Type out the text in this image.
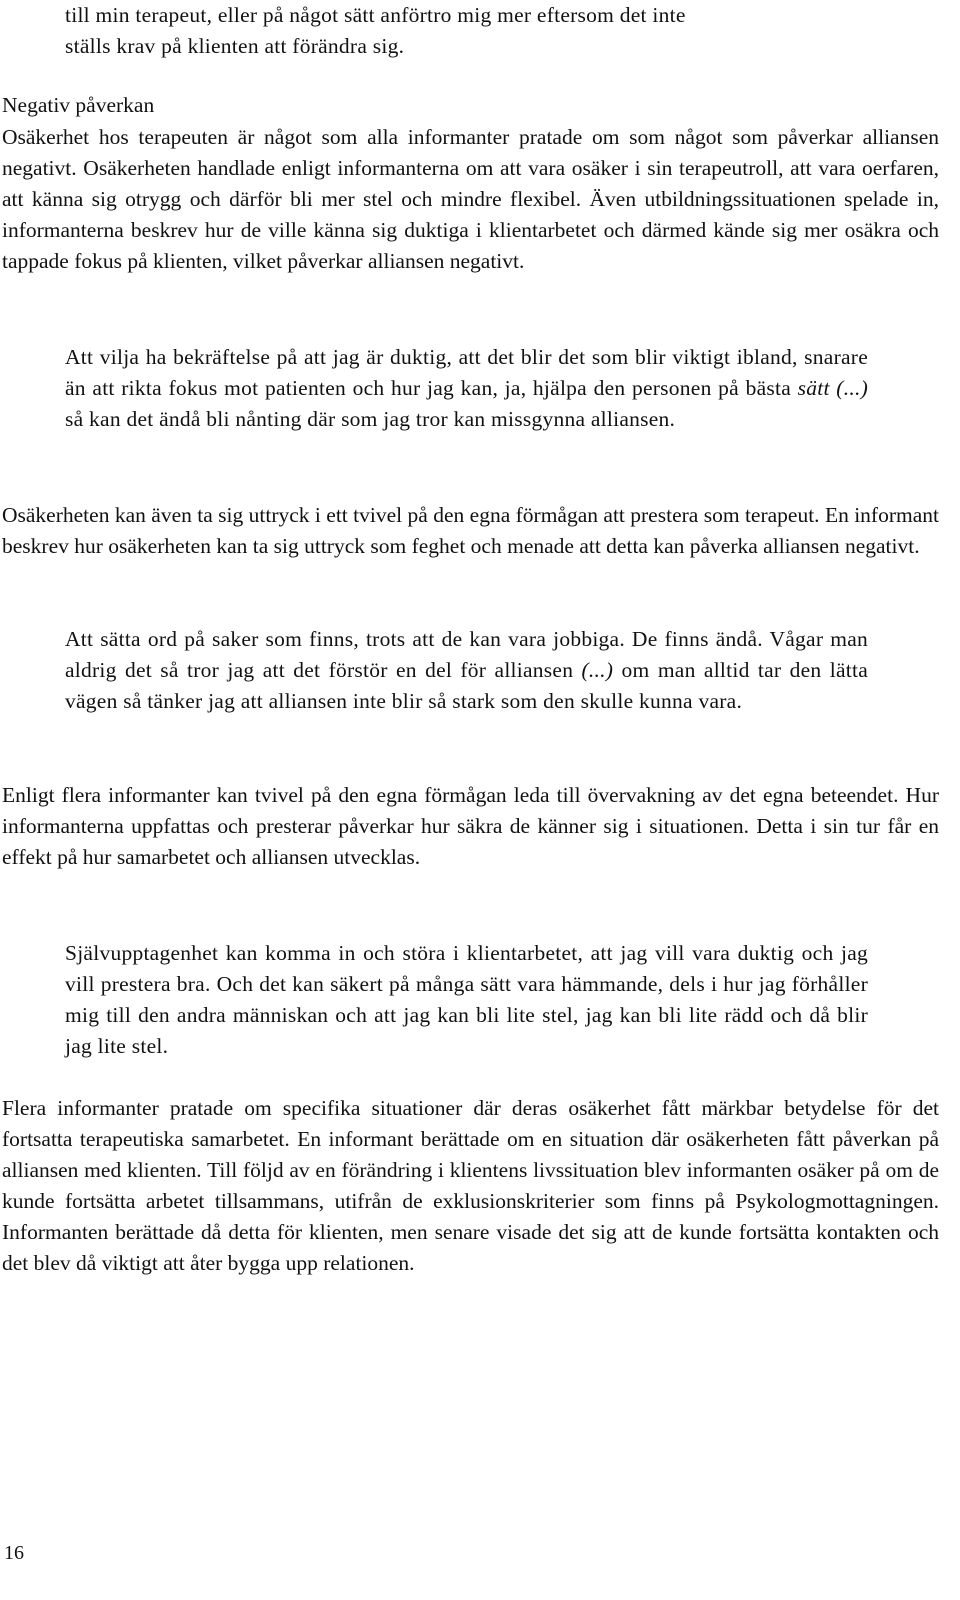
till min terapeut, eller på något sätt anförtro mig mer eftersom det inte
ställs krav på klienten att förändra sig.
Negativ påverkan

Osäkerhet hos terapeuten är något som alla informanter pratade om som något som påverkar alliansen negativt. Osäkerheten handlade enligt informanterna om att vara osäker i sin terapeutroll, att vara oerfaren, att känna sig otrygg och därför bli mer stel och mindre flexibel. Även utbildningssituationen spelade in, informanterna beskrev hur de ville känna sig duktiga i klientarbetet och därmed kände sig mer osäkra och tappade fokus på klienten, vilket påverkar alliansen negativt.

Att vilja ha bekräftelse på att jag är duktig, att det blir det som blir viktigt ibland, snarare än att rikta fokus mot patienten och hur jag kan, ja, hjälpa den personen på bästa sätt (...) så kan det ändå bli nånting där som jag tror kan missgynna alliansen.

Osäkerheten kan även ta sig uttryck i ett tvivel på den egna förmågan att prestera som terapeut. En informant beskrev hur osäkerheten kan ta sig uttryck som feghet och menade att detta kan påverka alliansen negativt.

Att sätta ord på saker som finns, trots att de kan vara jobbiga. De finns ändå. Vågar man aldrig det så tror jag att det förstör en del för alliansen (...) om man alltid tar den lätta vägen så tänker jag att alliansen inte blir så stark som den skulle kunna vara.

Enligt flera informanter kan tvivel på den egna förmågan leda till övervakning av det egna beteendet. Hur informanterna uppfattas och presterar påverkar hur säkra de känner sig i situationen. Detta i sin tur får en effekt på hur samarbetet och alliansen utvecklas.

Självupptagenhet kan komma in och störa i klientarbetet, att jag vill vara duktig och jag vill prestera bra. Och det kan säkert på många sätt vara hämmande, dels i hur jag förhåller mig till den andra människan och att jag kan bli lite stel, jag kan bli lite rädd och då blir jag lite stel.

Flera informanter pratade om specifika situationer där deras osäkerhet fått märkbar betydelse för det fortsatta terapeutiska samarbetet. En informant berättade om en situation där osäkerheten fått påverkan på alliansen med klienten. Till följd av en förändring i klientens livssituation blev informanten osäker på om de kunde fortsätta arbetet tillsammans, utifrån de exklusionskriterier som finns på Psykologmottagningen. Informanten berättade då detta för klienten, men senare visade det sig att de kunde fortsätta kontakten och det blev då viktigt att åter bygga upp relationen.

16
